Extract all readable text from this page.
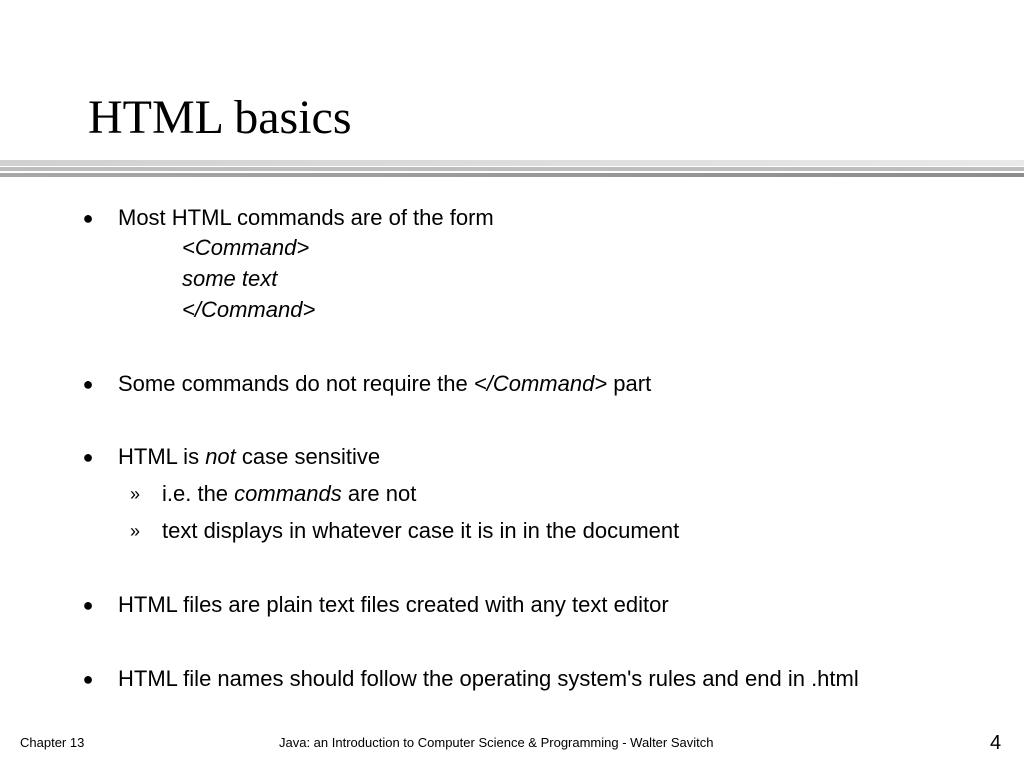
HTML basics
● Most HTML commands are of the form
<Command>
some text
</Command>
● Some commands do not require the </Command> part
● HTML is not case sensitive
» i.e. the commands are not
» text displays in whatever case it is in in the document
● HTML files are plain text files created with any text editor
● HTML file names should follow the operating system's rules and end in .html
Chapter 13	Java: an Introduction to Computer Science & Programming - Walter Savitch	4
